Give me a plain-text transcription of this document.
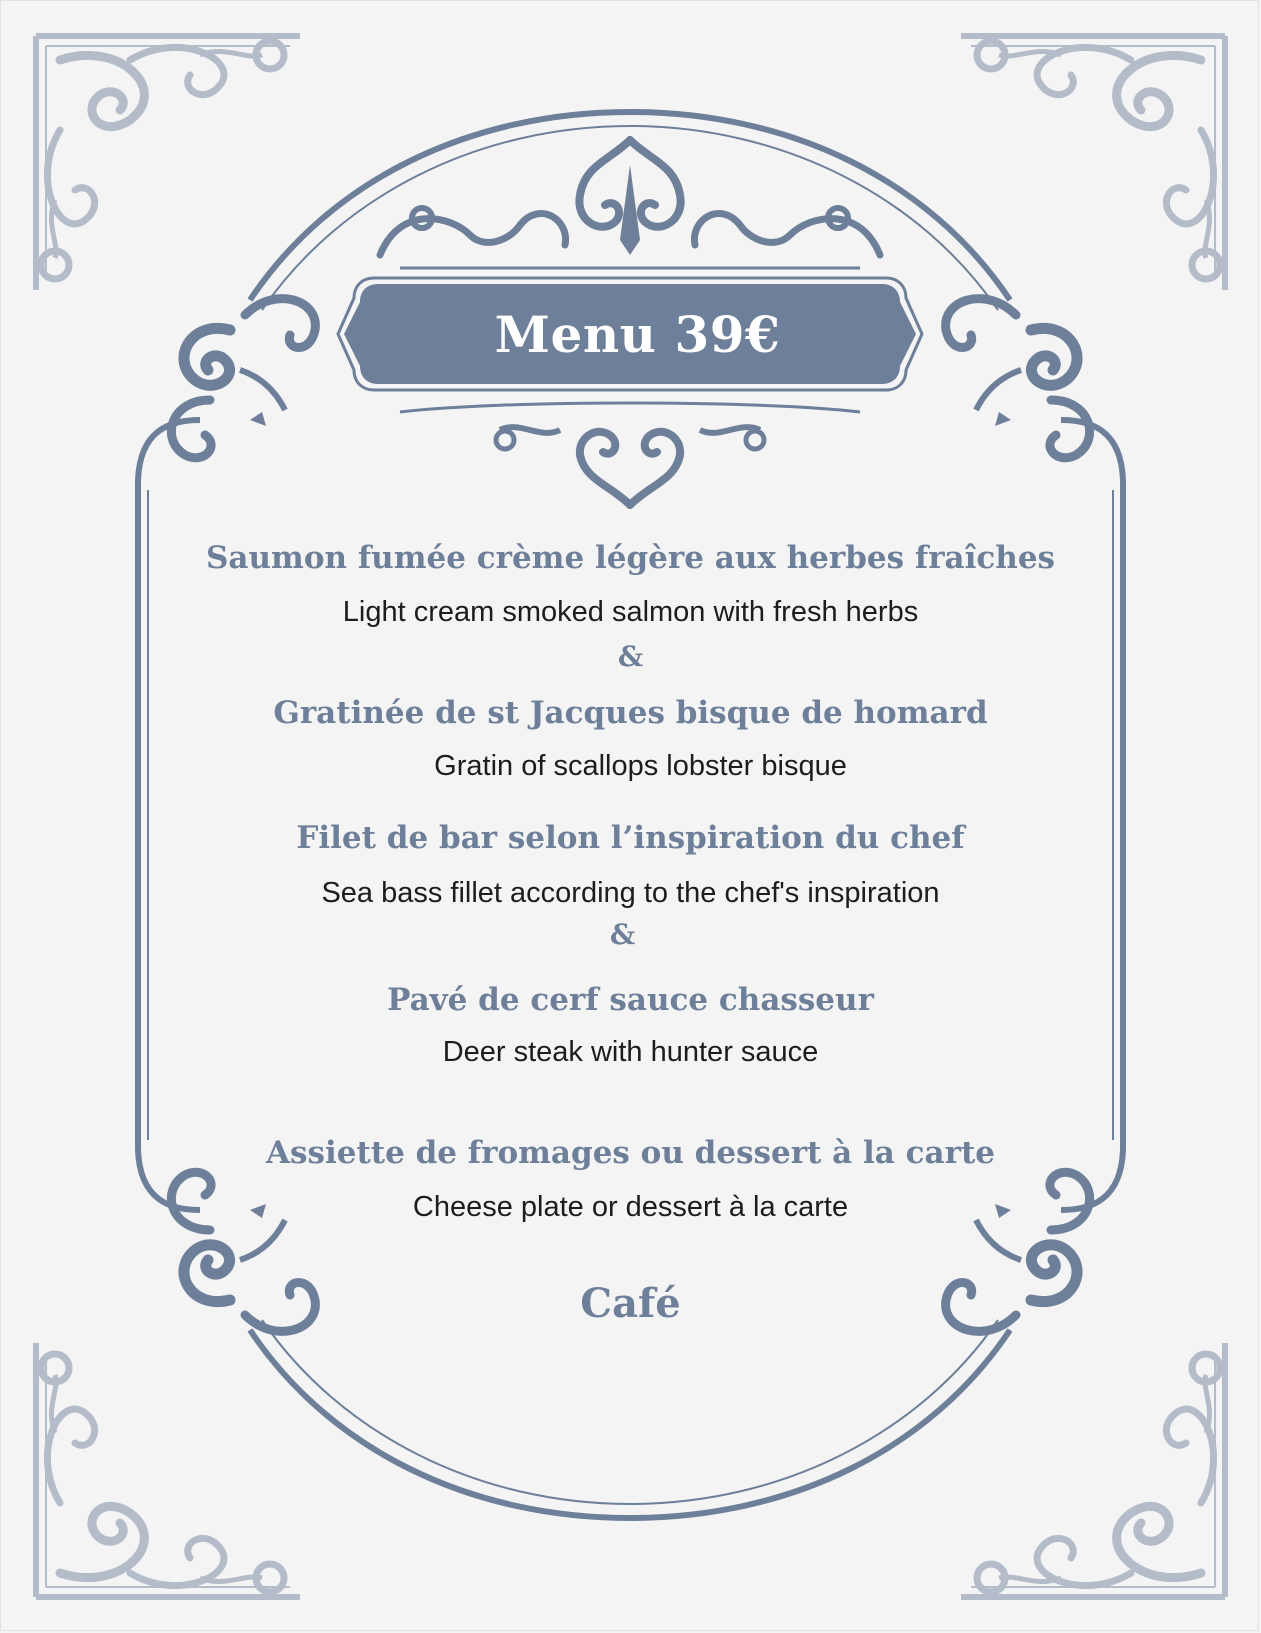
Menu 39€
Saumon fumée crème légère aux herbes fraîches
Light cream smoked salmon with fresh herbs
&
Gratinée de st Jacques bisque de homard
Gratin of scallops lobster bisque
Filet de bar selon l’inspiration du chef
Sea bass fillet according to the chef's inspiration
&
Pavé de cerf sauce chasseur
Deer steak with hunter sauce
Assiette de fromages ou dessert à la carte
Cheese plate or dessert à la carte
Café
